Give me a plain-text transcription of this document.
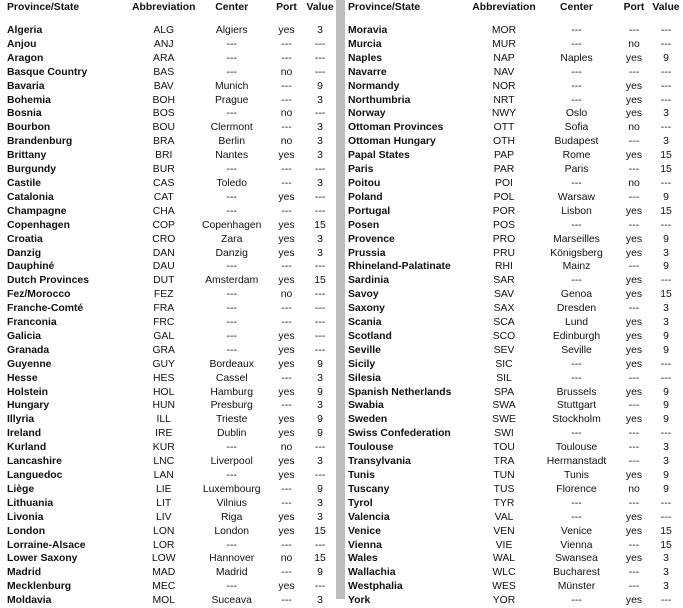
Province/State	Abbreviation	Center	Port	Value
Algeria	ALG	Algiers	yes	3
Anjou	ANJ	---	---	---
Aragon	ARA	---	---	---
Basque Country	BAS	---	no	---
Bavaria	BAV	Munich	---	9
Bohemia	BOH	Prague	---	3
Bosnia	BOS	---	no	---
Bourbon	BOU	Clermont	---	3
Brandenburg	BRA	Berlin	no	3
Brittany	BRI	Nantes	yes	3
Burgundy	BUR	---	---	---
Castile	CAS	Toledo	---	3
Catalonia	CAT	---	yes	---
Champagne	CHA	---	---	---
Copenhagen	COP	Copenhagen	yes	15
Croatia	CRO	Zara	yes	3
Danzig	DAN	Danzig	yes	3
Dauphiné	DAU	---	---	---
Dutch Provinces	DUT	Amsterdam	yes	15
Fez/Morocco	FEZ	---	no	---
Franche-Comté	FRA	---	---	---
Franconia	FRC	---	---	---
Galicia	GAL	---	yes	---
Granada	GRA	---	yes	---
Guyenne	GUY	Bordeaux	yes	9
Hesse	HES	Cassel	---	3
Holstein	HOL	Hamburg	yes	9
Hungary	HUN	Presburg	---	3
Illyria	ILL	Trieste	yes	9
Ireland	IRE	Dublin	yes	9
Kurland	KUR	---	no	---
Lancashire	LNC	Liverpool	yes	3
Languedoc	LAN	---	yes	---
Liège	LIE	Luxembourg	---	9
Lithuania	LIT	Vilnius	---	3
Livonia	LIV	Riga	yes	3
London	LON	London	yes	15
Lorraine-Alsace	LOR	---	---	---
Lower Saxony	LOW	Hannover	no	15
Madrid	MAD	Madrid	---	9
Mecklenburg	MEC	---	yes	---
Moldavia	MOL	Suceava	---	3
Province/State	Abbreviation	Center	Port	Value
Moravia	MOR	---	---	---
Murcia	MUR	---	no	---
Naples	NAP	Naples	yes	9
Navarre	NAV	---	---	---
Normandy	NOR	---	yes	---
Northumbria	NRT	---	yes	---
Norway	NWY	Oslo	yes	3
Ottoman Provinces	OTT	Sofia	no	---
Ottoman Hungary	OTH	Budapest	---	3
Papal States	PAP	Rome	yes	15
Paris	PAR	Paris	---	15
Poitou	POI	---	no	---
Poland	POL	Warsaw	---	9
Portugal	POR	Lisbon	yes	15
Posen	POS	---	---	---
Provence	PRO	Marseilles	yes	9
Prussia	PRU	Königsberg	yes	3
Rhineland-Palatinate	RHI	Mainz	---	9
Sardinia	SAR	---	yes	---
Savoy	SAV	Genoa	yes	15
Saxony	SAX	Dresden	---	3
Scania	SCA	Lund	yes	3
Scotland	SCO	Edinburgh	yes	9
Seville	SEV	Seville	yes	9
Sicily	SIC	---	yes	---
Silesia	SIL	---	---	---
Spanish Netherlands	SPA	Brussels	yes	9
Swabia	SWA	Stuttgart	---	9
Sweden	SWE	Stockholm	yes	9
Swiss Confederation	SWI	---	---	---
Toulouse	TOU	Toulouse	---	3
Transylvania	TRA	Hermanstadt	---	3
Tunis	TUN	Tunis	yes	9
Tuscany	TUS	Florence	no	9
Tyrol	TYR	---	---	---
Valencia	VAL	---	yes	---
Venice	VEN	Venice	yes	15
Vienna	VIE	Vienna	---	15
Wales	WAL	Swansea	yes	3
Wallachia	WLC	Bucharest	---	3
Westphalia	WES	Münster	---	3
York	YOR	---	yes	---
